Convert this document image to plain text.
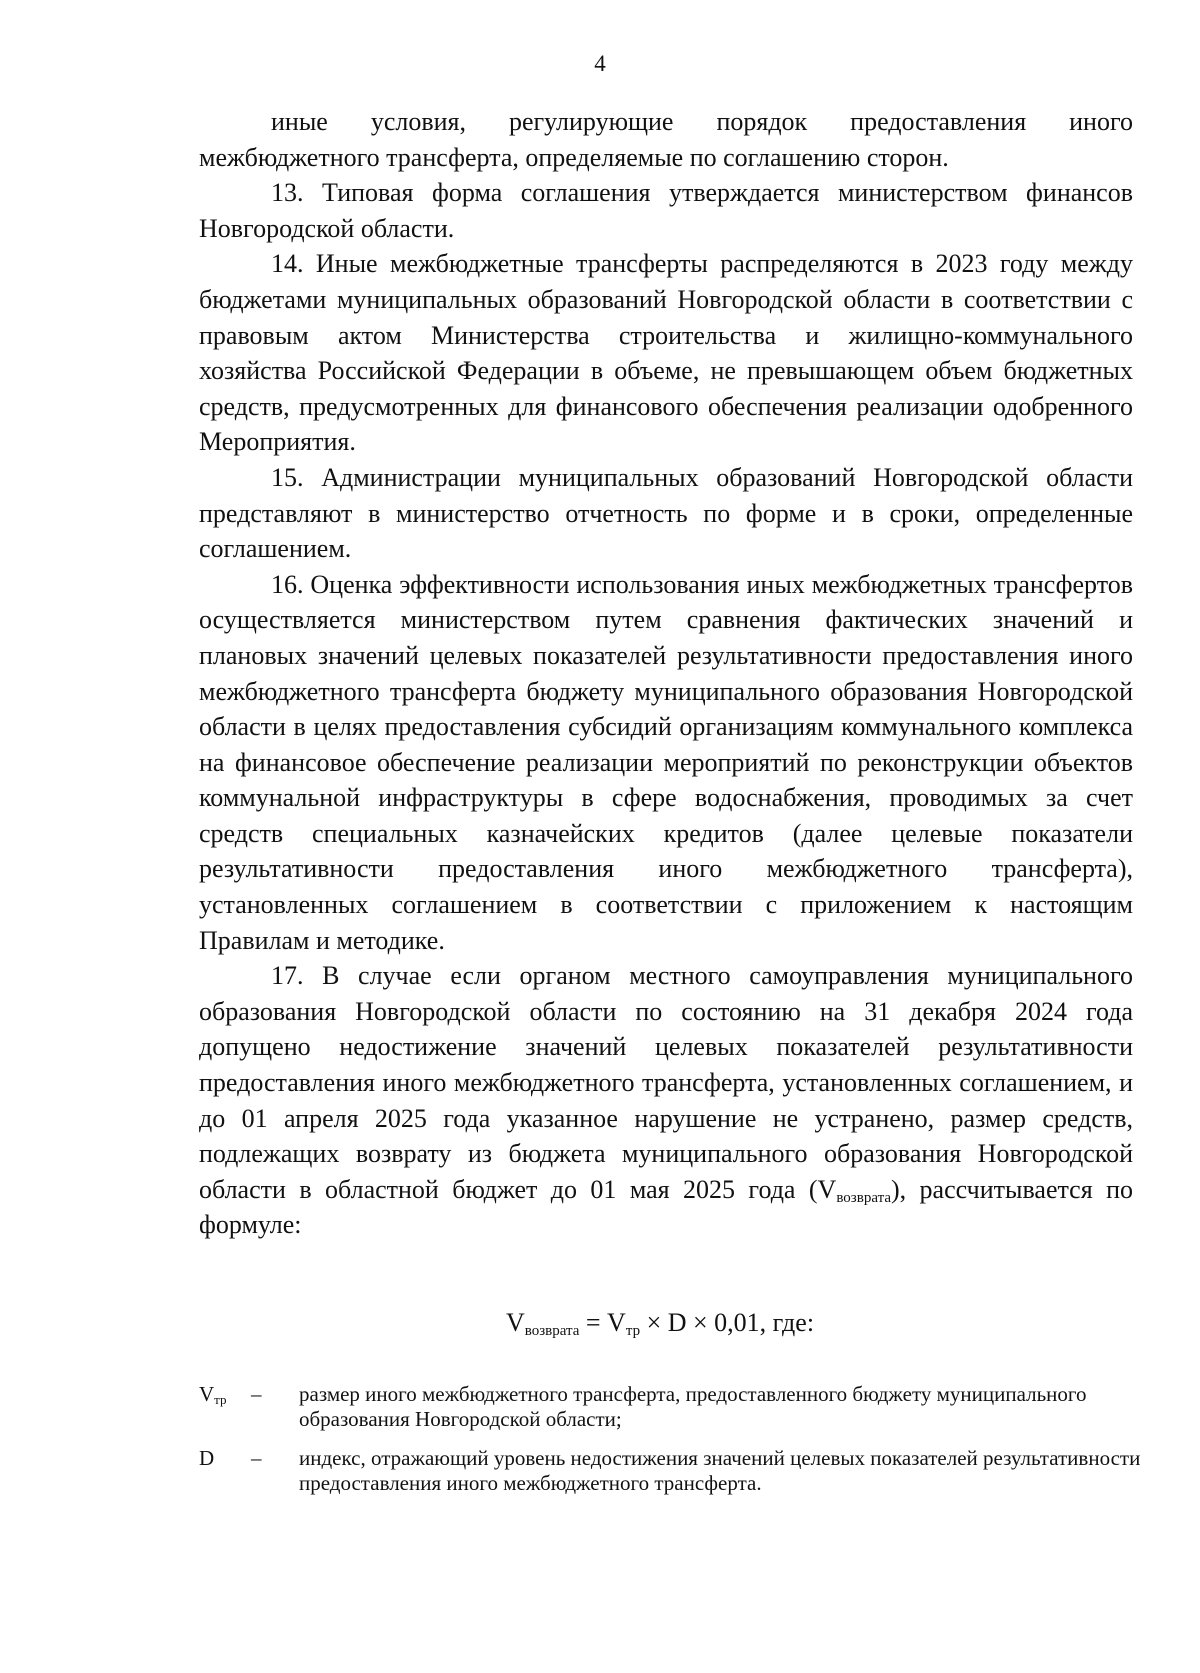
4

иные условия, регулирующие порядок предоставления иного

межбюджетного трансферта, определяемые по соглашению сторон.

13. Типовая форма соглашения утверждается министерством финансов Новгородской области.

14. Иные межбюджетные трансферты распределяются в 2023 году между бюджетами муниципальных образований Новгородской области в соответствии с правовым актом Министерства строительства и жилищно-коммунального хозяйства Российской Федерации в объеме, не превышающем объем бюджетных средств, предусмотренных для финансового обеспечения реализации одобренного Мероприятия.

15. Администрации муниципальных образований Новгородской области представляют в министерство отчетность по форме и в сроки, определенные соглашением.

16. Оценка эффективности использования иных межбюджетных трансфертов осуществляется министерством путем сравнения фактических значений и плановых значений целевых показателей результативности предоставления иного межбюджетного трансферта бюджету муниципального образования Новгородской области в целях предоставления субсидий организациям коммунального комплекса на финансовое обеспечение реализации мероприятий по реконструкции объектов коммунальной инфраструктуры в сфере водоснабжения, проводимых за счет средств специальных казначейских кредитов (далее целевые показатели результативности предоставления иного межбюджетного трансферта), установленных соглашением в соответствии с приложением к настоящим Правилам и методике.

17. В случае если органом местного самоуправления муниципального образования Новгородской области по состоянию на 31 декабря 2024 года допущено недостижение значений целевых показателей результативности предоставления иного межбюджетного трансферта, установленных соглашением, и до 01 апреля 2025 года указанное нарушение не устранено, размер средств, подлежащих возврату из бюджета муниципального образования Новгородской области в областной бюджет до 01 мая 2025 года $(V_{возврата})$, рассчитывается по формуле:

$V_{возврата} = V_{тр} \times D \times 0,01$, где:
$V_{тр}$	–	размер иного межбюджетного трансферта, предоставленного бюджету муниципального образования Новгородской области;
D	–	индекс, отражающий уровень недостижения значений целевых показателей результативности предоставления иного межбюджетного трансферта.
